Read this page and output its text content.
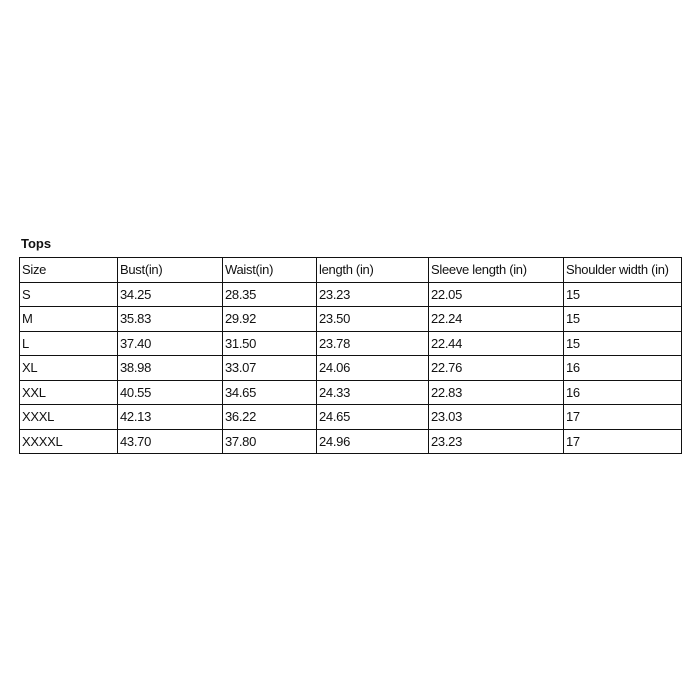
Tops
Size	Bust(in)	Waist(in)	length (in)	Sleeve length (in)	Shoulder width (in)
S	34.25	28.35	23.23	22.05	15
M	35.83	29.92	23.50	22.24	15
L	37.40	31.50	23.78	22.44	15
XL	38.98	33.07	24.06	22.76	16
XXL	40.55	34.65	24.33	22.83	16
XXXL	42.13	36.22	24.65	23.03	17
XXXXL	43.70	37.80	24.96	23.23	17
